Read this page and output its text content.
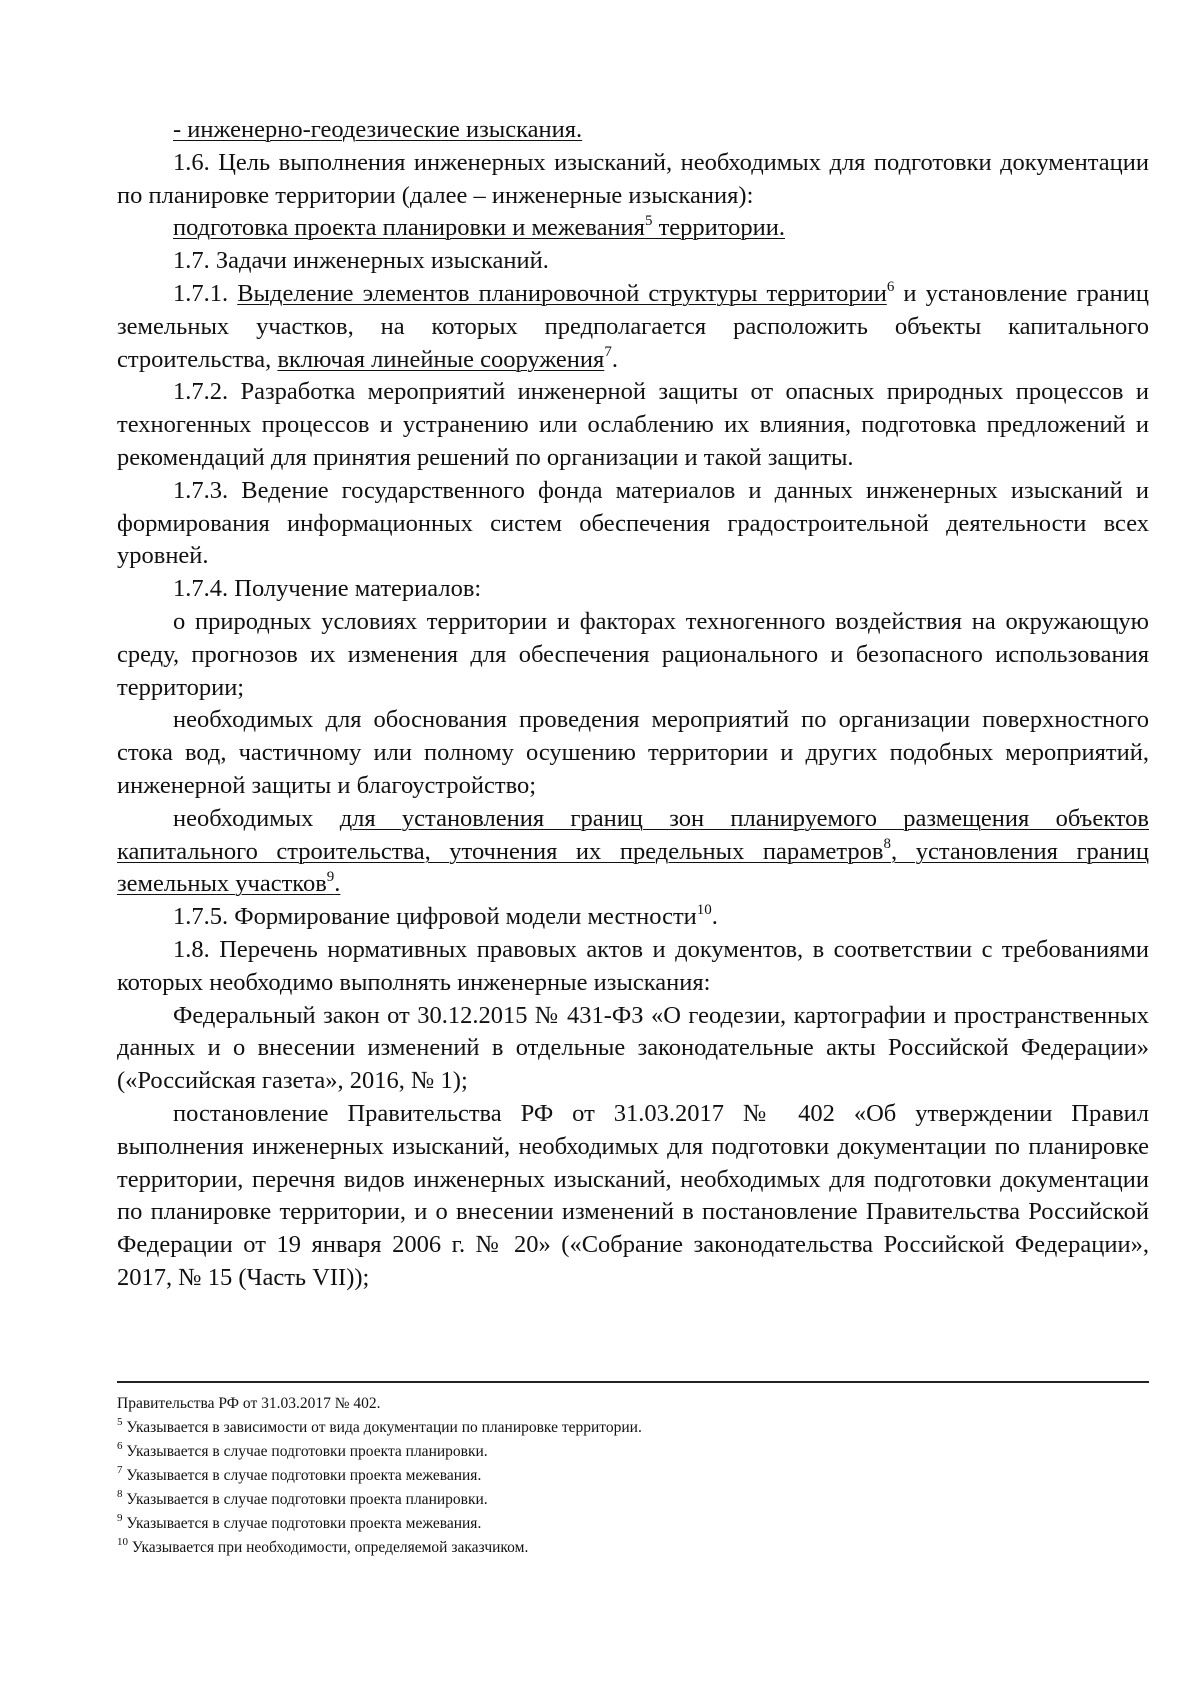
- инженерно-геодезические изыскания.

1.6. Цель выполнения инженерных изысканий, необходимых для подготовки документации по планировке территории (далее – инженерные изыскания):

подготовка проекта планировки и межевания$^5$ территории.

1.7. Задачи инженерных изысканий.

1.7.1. Выделение элементов планировочной структуры территории$^6$ и установление границ земельных участков, на которых предполагается расположить объекты капитального строительства, включая линейные сооружения$^7$.

1.7.2. Разработка мероприятий инженерной защиты от опасных природных процессов и техногенных процессов и устранению или ослаблению их влияния, подготовка предложений и рекомендаций для принятия решений по организации и такой защиты.

1.7.3. Ведение государственного фонда материалов и данных инженерных изысканий и формирования информационных систем обеспечения градостроительной деятельности всех уровней.

1.7.4. Получение материалов:

о природных условиях территории и факторах техногенного воздействия на окружающую среду, прогнозов их изменения для обеспечения рационального и безопасного использования территории;

необходимых для обоснования проведения мероприятий по организации поверхностного стока вод, частичному или полному осушению территории и других подобных мероприятий, инженерной защиты и благоустройство;

необходимых для установления границ зон планируемого размещения объектов капитального строительства, уточнения их предельных параметров$^8$, установления границ земельных участков$^9$.

1.7.5. Формирование цифровой модели местности$^{10}$.

1.8. Перечень нормативных правовых актов и документов, в соответствии с требованиями которых необходимо выполнять инженерные изыскания:

Федеральный закон от 30.12.2015 № 431-ФЗ «О геодезии, картографии и пространственных данных и о внесении изменений в отдельные законодательные акты Российской Федерации» («Российская газета», 2016, № 1);

постановление Правительства РФ от 31.03.2017 № 402 «Об утверждении Правил выполнения инженерных изысканий, необходимых для подготовки документации по планировке территории, перечня видов инженерных изысканий, необходимых для подготовки документации по планировке территории, и о внесении изменений в постановление Правительства Российской Федерации от 19 января 2006 г. № 20» («Собрание законодательства Российской Федерации», 2017, № 15 (Часть VII));

Правительства РФ от 31.03.2017 № 402.

$^5$ Указывается в зависимости от вида документации по планировке территории.

$^6$ Указывается в случае подготовки проекта планировки.

$^7$ Указывается в случае подготовки проекта межевания.

$^8$ Указывается в случае подготовки проекта планировки.

$^9$ Указывается в случае подготовки проекта межевания.

$^{10}$ Указывается при необходимости, определяемой заказчиком.
